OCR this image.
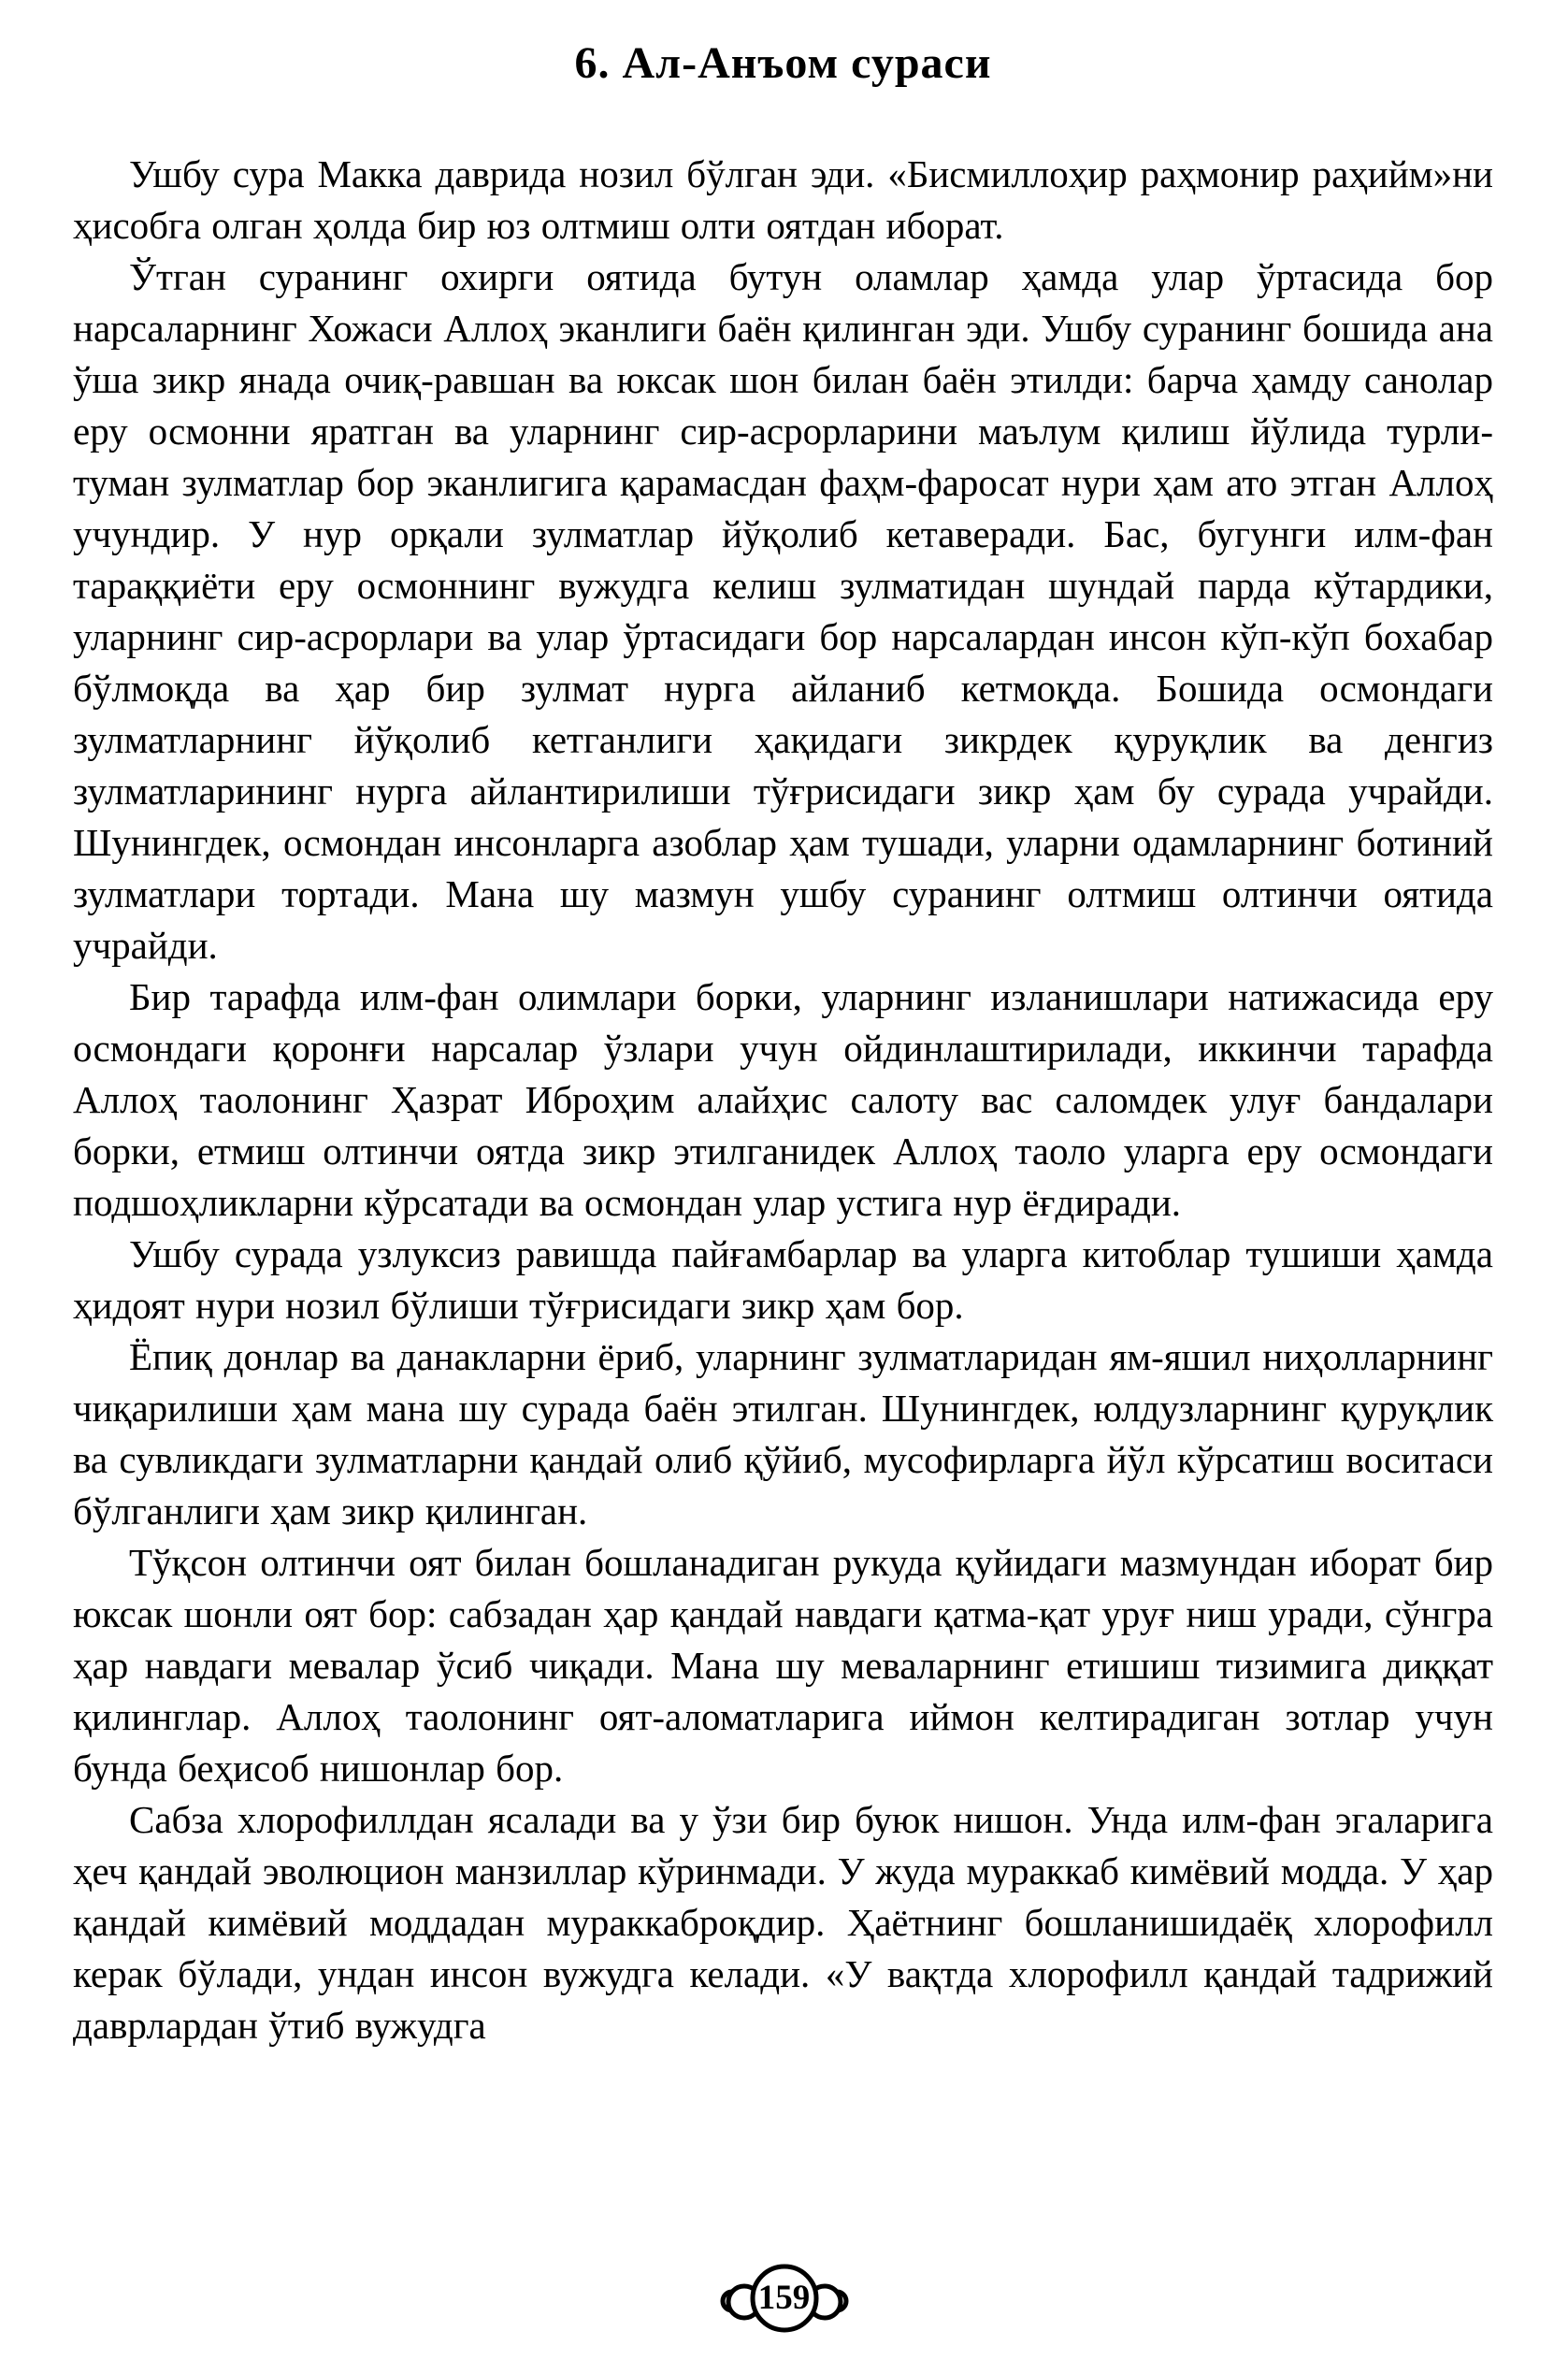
6. Ал-Анъом сураси

Ушбу сура Макка даврида нозил бўлган эди. «Бисмиллоҳир раҳмонир раҳийм»ни ҳисобга олган ҳолда бир юз олтмиш олти оятдан иборат.

Ўтган суранинг охирги оятида бутун оламлар ҳамда улар ўртасида бор нарсаларнинг Хожаси Аллоҳ эканлиги баён қилинган эди. Ушбу суранинг бошида ана ўша зикр янада очиқ-равшан ва юксак шон билан баён этилди: барча ҳамду санолар еру осмонни яратган ва уларнинг сир-асрорларини маълум қилиш йўлида турли-туман зулматлар бор эканлигига қарамасдан фаҳм-фаросат нури ҳам ато этган Аллоҳ учундир. У нур орқали зулматлар йўқолиб кетаверади. Бас, бугунги илм-фан тараққиёти еру осмоннинг вужудга келиш зулматидан шундай парда кўтардики, уларнинг сир-асрорлари ва улар ўртасидаги бор нарсалардан инсон кўп-кўп бохабар бўлмоқда ва ҳар бир зулмат нурга айланиб кетмоқда. Бошида осмондаги зулматларнинг йўқолиб кетганлиги ҳақидаги зикрдек қуруқлик ва денгиз зулматларининг нурга айлантирилиши тўғрисидаги зикр ҳам бу сурада учрайди. Шунингдек, осмондан инсонларга азоблар ҳам тушади, уларни одамларнинг ботиний зулматлари тортади. Мана шу мазмун ушбу суранинг олтмиш олтинчи оятида учрайди.

Бир тарафда илм-фан олимлари борки, уларнинг изланишлари натижасида еру осмондаги қоронғи нарсалар ўзлари учун ойдинлаштирилади, иккинчи тарафда Аллоҳ таолонинг Ҳазрат Иброҳим алайҳис салоту вас саломдек улуғ бандалари борки, етмиш олтинчи оятда зикр этилганидек Аллоҳ таоло уларга еру осмондаги подшоҳликларни кўрсатади ва осмондан улар устига нур ёғдиради.

Ушбу сурада узлуксиз равишда пайғамбарлар ва уларга китоблар тушиши ҳамда ҳидоят нури нозил бўлиши тўғрисидаги зикр ҳам бор.

Ёпиқ донлар ва данакларни ёриб, уларнинг зулматларидан ям-яшил ниҳолларнинг чиқарилиши ҳам мана шу сурада баён этилган. Шунингдек, юлдузларнинг қуруқлик ва сувликдаги зулматларни қандай олиб қўйиб, мусофирларга йўл кўрсатиш воситаси бўлганлиги ҳам зикр қилинган.

Тўқсон олтинчи оят билан бошланадиган рукуда қуйидаги мазмундан иборат бир юксак шонли оят бор: сабзадан ҳар қандай навдаги қатма-қат уруғ ниш уради, сўнгра ҳар навдаги мевалар ўсиб чиқади. Мана шу меваларнинг етишиш тизимига диққат қилинглар. Аллоҳ таолонинг оят-аломатларига иймон келтирадиган зотлар учун бунда беҳисоб нишонлар бор.

Сабза хлорофиллдан ясалади ва у ўзи бир буюк нишон. Унда илм-фан эгаларига ҳеч қандай эволюцион манзиллар кўринмади. У жуда мураккаб кимёвий модда. У ҳар қандай кимёвий моддадан мураккаброқдир. Ҳаётнинг бошланишидаёқ хлорофилл керак бўлади, ундан инсон вужудга келади. «У вақтда хлорофилл қандай тадрижий даврлардан ўтиб вужудга

159
